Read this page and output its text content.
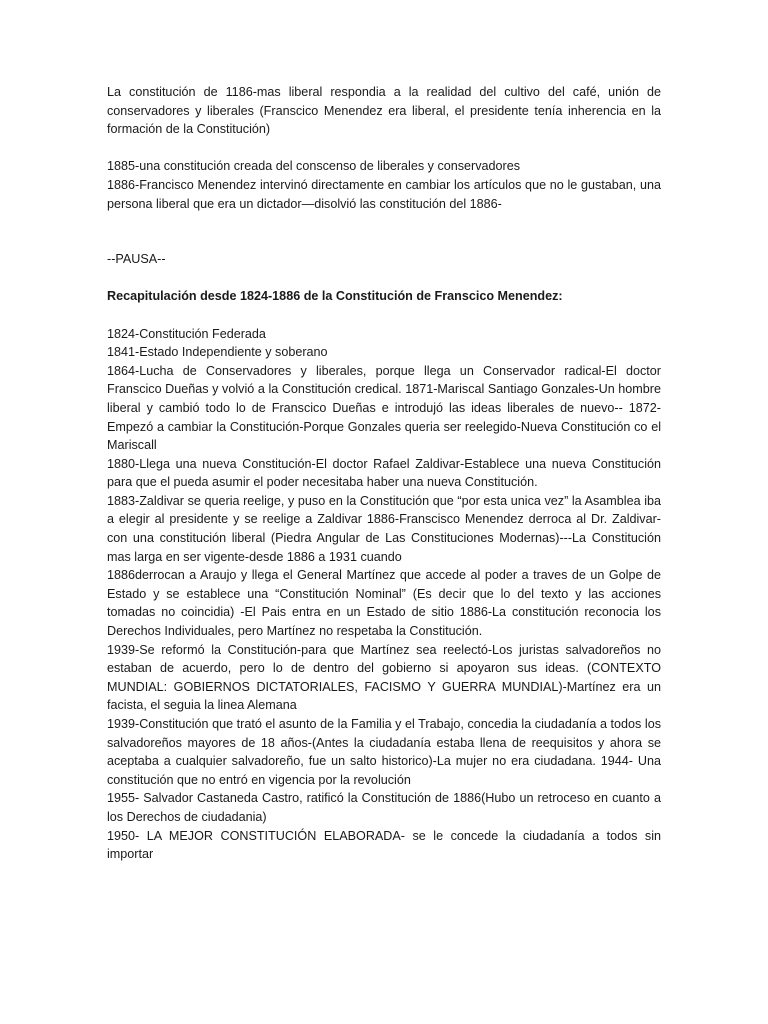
La constitución de 1186-mas liberal respondia a la realidad del cultivo del café, unión de conservadores y liberales (Franscico Menendez era liberal, el presidente tenía inherencia en la formación de la Constitución)

1885-una constitución creada del conscenso de liberales y conservadores

1886-Francisco Menendez intervinó directamente en cambiar los artículos que no le gustaban, una persona liberal que era un dictador—disolvió las constitución del 1886-

--PAUSA--

Recapitulación desde 1824-1886 de la Constitución de Franscico Menendez:

1824-Constitución Federada

1841-Estado Independiente y soberano

1864-Lucha de Conservadores y liberales, porque llega un Conservador radical-El doctor Franscico Dueñas y volvió a la Constitución credical. 1871-Mariscal Santiago Gonzales-Un hombre liberal y cambió todo lo de Franscico Dueñas e introdujó las ideas liberales de nuevo-- 1872-Empezó a cambiar la Constitución-Porque Gonzales queria ser reelegido-Nueva Constitución co el Mariscall

1880-Llega una nueva Constitución-El doctor Rafael Zaldivar-Establece una nueva Constitución para que el pueda asumir el poder necesitaba haber una nueva Constitución.

1883-Zaldivar se queria reelige, y puso en la Constitución que “por esta unica vez” la Asamblea iba a elegir al presidente y se reelige a Zaldivar 1886-Franscisco Menendez derroca al Dr. Zaldivar-con una constitución liberal (Piedra Angular de Las Constituciones Modernas)---La Constitución mas larga en ser vigente-desde 1886 a 1931 cuando

1886derrocan a Araujo y llega el General Martínez que accede al poder a traves de un Golpe de Estado y se establece una “Constitución Nominal” (Es decir que lo del texto y las acciones tomadas no coincidia) -El Pais entra en un Estado de sitio 1886-La constitución reconocia los Derechos Individuales, pero Martínez no respetaba la Constitución.

1939-Se reformó la Constitución-para que Martínez sea reelectó-Los juristas salvadoreños no estaban de acuerdo, pero lo de dentro del gobierno si apoyaron sus ideas. (CONTEXTO MUNDIAL: GOBIERNOS DICTATORIALES, FACISMO Y GUERRA MUNDIAL)-Martínez era un facista, el seguia la linea Alemana

1939-Constitución que trató el asunto de la Familia y el Trabajo, concedia la ciudadanía a todos los salvadoreños mayores de 18 años-(Antes la ciudadanía estaba llena de reequisitos y ahora se aceptaba a cualquier salvadoreño, fue un salto historico)-La mujer no era ciudadana. 1944- Una constitución que no entró en vigencia por la revolución

1955- Salvador Castaneda Castro, ratificó la Constitución de 1886(Hubo un retroceso en cuanto a los Derechos de ciudadania)

1950- LA MEJOR CONSTITUCIÓN ELABORADA- se le concede la ciudadanía a todos sin importar
